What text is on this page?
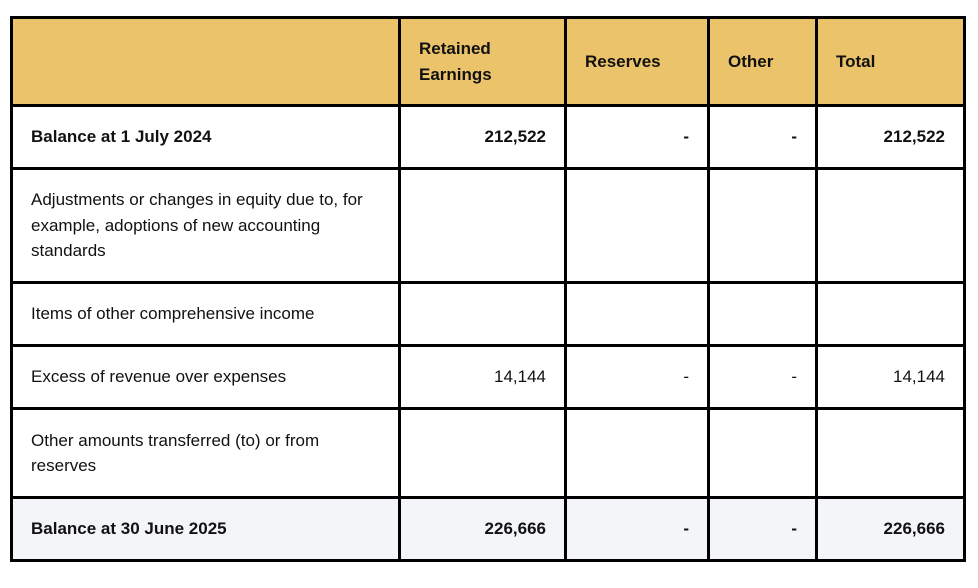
	Retained Earnings	Reserves	Other	Total
Balance at 1 July 2024	212,522	-	-	212,522
Adjustments or changes in equity due to, for example, adoptions of new accounting standards				
Items of other comprehensive income				
Excess of revenue over expenses	14,144	-	-	14,144
Other amounts transferred (to) or from reserves				
Balance at 30 June 2025	226,666	-	-	226,666
